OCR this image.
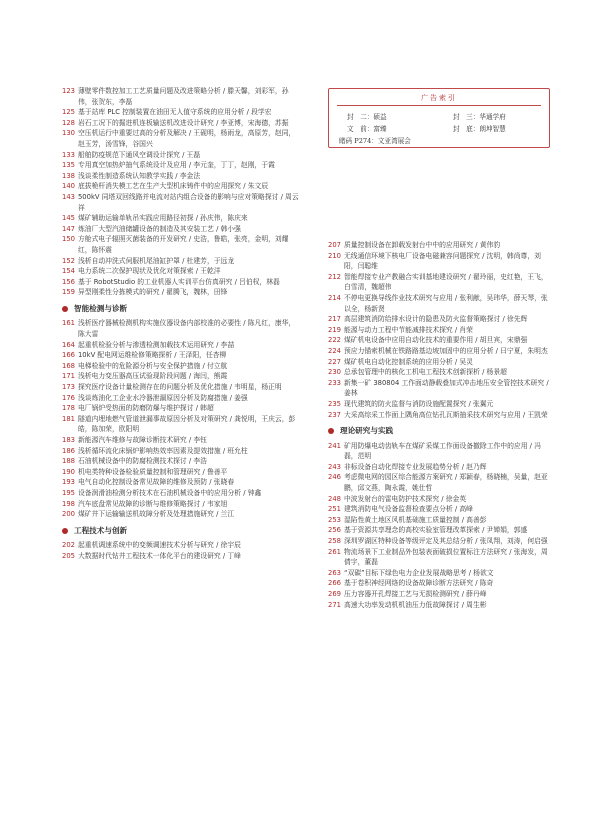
广告索引
封　二：硕益	封　三：华通学府
文　前：富臻	封　底：朗坤智慧
睹码 P274：文亚湾展会
123 薄壁零件数控加工工艺质量问题及改进策略分析 / 滕天馨，刘彩军，孙伟，张贺东，李磊
125 基于站库 PLC 控制装置在油田无人值守系统的应用分析 / 段学宏
128 岩石工况下的掘进机连板输送机改进设计研究 / 李亚博，宋海德，苏振
130 空压机运行中重要过高的分析及解决 / 王砚明，杨雨龙，高原芳，赵同，赵玉芳，汤雪锋，谷国兴
133 船舶防疫规范下通风空调设计探究 / 王磊
135 专用真空加热炉抽气系统设计及应用 / 李元奎，丁丁，赵刚，于霞
138 浅谈柔性制造系统认知教学实践 / 李金法
140 底拔桅杆消失模工艺在生产大型机床铸件中的应用探究 / 朱文辰
143 500kV 同塔双回线路并电流对站内组合设备的影响与应对策略探讨 / 周云祥
145 煤矿辅助运输单轨吊实践应用路径初探 / 孙庆伟，陈庆来
147 炼油厂大型汽油储罐设备的制造及其安装工艺 / 韩小强
150 方舱式电子辐照灭菌装备的开发研究 / 史浩，鲁皓，张亮，金明，刘耀红，陈怀震
152 浅析自动冲洗式伺服机尾油缸护罩 / 杜建芳，于远龙
154 电力系统二次保护现状及优化对策探索 / 王乾洋
156 基于 RobotStudio 的工业机器人实训平台仿真研究 / 吕伯权，林磊
159 异型刚柔性分拣模式的研究 / 翟腾飞，魏林，田锋
智能检测与诊断
161 浅析医疗器械检测机构实施仪器设备内部校准的必要性 / 陈凡红，康华，陈大雷
164 起重机检验分析与渗透检测加载技术运用研究 / 李喆
166 10kV 配电网运维检修策略探析 / 王泽阳，任杏柳
168 电梯检验中的危险源分析与安全保护措施 / 付立航
171 浅析电力变压器高压试验现阶段问题 / 海闫，熊霞
173 探究医疗设备计量检测存在的问题分析及优化措施 / 韦明星，杨正明
176 浅谈炼油化工企业水冷器泄漏原因分析及防腐措施 / 姜强
178 电厂锅炉受热面的防磨防爆与维护探讨 / 韩超
181 隧道内埋地燃气管道泄漏事故原因分析及对策研究 / 龚悦明，王庆云，彭皓，陈加荣，欧阳明
183 新能源汽车维修与故障诊断技术研究 / 李钰
186 浅析循环流化床锅炉影响热效率因素及提效措施 / 班允柱
188 石油机械设备中的防腐检测技术探讨 / 李浩
190 机电类特种设备检验质量控制和管理研究 / 鲁善平
193 电气自动化控制设备常见故障的维修及预防 / 张晓春
195 设备润滑油检测分析技术在石油机械设备中的应用分析 / 钟鑫
198 汽车底盘常见故障的诊断与维修策略探讨 / 韦家旭
200 煤矿井下运输输送机故障分析及处理措施研究 / 兰江
工程技术与创新
202 起重机调速系统中的变频调速技术分析与研究 / 徐宇辰
205 大数据时代钻井工程技术一体化平台的建设研究 / 丁峰
207 质量控制设备在卸载发射台中中的应用研究 / 黄伟豹
210 无线通信环境下核电厂设备电磁兼容问题探究 / 沈明，韩尚尊，刘阳，闫聪维
212 智能焊接专业产教融合实训基地建设研究 / 翟玲丽，史红艳，王飞，白雪清，魏超伟
214 不停电更换导线作业技术研究与应用 / 张利献，吴玮华，薛天琴，张以全，杨新贤
217 高层建筑消防给排水设计的隐患及防火监督策略探讨 / 徐先辉
219 能源与动力工程中节能减排技术探究 / 肖荣
222 煤矿机电设备中应用自动化技术的重要作用 / 胡旦宾，宋鼎强
224 预应力锚索机械在铁路路基边坡加固中的应用分析 / 曰宁夏，朱明杰
227 煤矿机电自动化控制系统的应用分析 / 吴灵
230 总承包管理中的核化工机电工程技术创新探析 / 杨景超
233 新集一矿 380804 工作面动静载叠加式冲击地压安全管控技术研究 / 姜林
235 现代建筑的防火监督与消防设施配置探究 / 张翼元
237 大采高综采工作面上隅角高位钻孔瓦斯抽采技术研究与应用 / 王凯荣
理论研究与实践
241 矿用防爆电动齿轨车在煤矿采煤工作面设备撤除工作中的应用 / 冯磊，范明
243 非标设备自动化焊接专业发展趋势分析 / 赵乃辉
246 考虑微电网的园区综合能源方案研究 / 郑颖春，杨晓楠，吴量，赵亚鹏，邱文燕，陶永霞，姚仕哲
248 中波发射台的雷电防护技术探究 / 徐金英
251 建筑消防电气设备监督检查要点分析 / 高峰
253 湿陷性黄土地区风机基础施工质量控制 / 高善彭
256 基于资源共享理念的高校实验室管理改革探索 / 尹婵娟，郭盛
258 深圳罗湖区特种设备等级评定及其总结分析 / 张凤翔，刘涛，何启强
261 物流场景下工业制品外包装表面破损位置标注方法研究 / 张海发，周倩宇，董磊
263 “双碳”目标下绿色电力企业发展战略思考 / 杨欲文
266 基于卷积神经网络的设备故障诊断方法研究 / 陈奇
269 压力容器开孔焊接工艺与无损检测研究 / 薛丹峰
271 高速大功率发动机机油压力低故障探讨 / 周生彬
